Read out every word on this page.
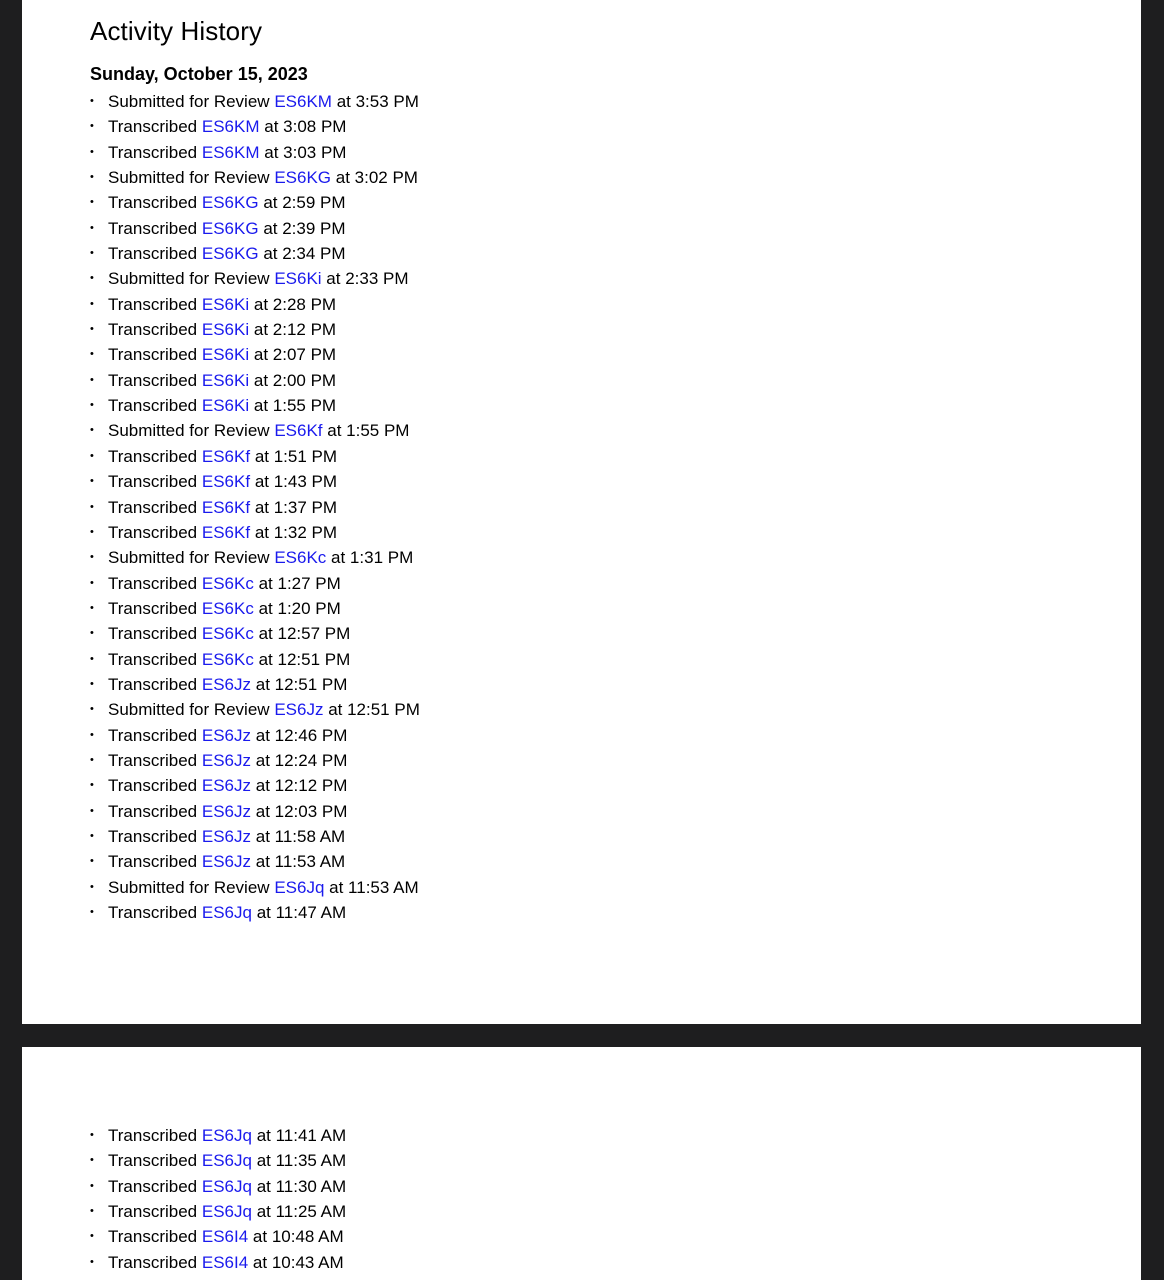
Activity History
Sunday, October 15, 2023
• Submitted for Review ES6KM at 3:53 PM
• Transcribed ES6KM at 3:08 PM
• Transcribed ES6KM at 3:03 PM
• Submitted for Review ES6KG at 3:02 PM
• Transcribed ES6KG at 2:59 PM
• Transcribed ES6KG at 2:39 PM
• Transcribed ES6KG at 2:34 PM
• Submitted for Review ES6Ki at 2:33 PM
• Transcribed ES6Ki at 2:28 PM
• Transcribed ES6Ki at 2:12 PM
• Transcribed ES6Ki at 2:07 PM
• Transcribed ES6Ki at 2:00 PM
• Transcribed ES6Ki at 1:55 PM
• Submitted for Review ES6Kf at 1:55 PM
• Transcribed ES6Kf at 1:51 PM
• Transcribed ES6Kf at 1:43 PM
• Transcribed ES6Kf at 1:37 PM
• Transcribed ES6Kf at 1:32 PM
• Submitted for Review ES6Kc at 1:31 PM
• Transcribed ES6Kc at 1:27 PM
• Transcribed ES6Kc at 1:20 PM
• Transcribed ES6Kc at 12:57 PM
• Transcribed ES6Kc at 12:51 PM
• Transcribed ES6Jz at 12:51 PM
• Submitted for Review ES6Jz at 12:51 PM
• Transcribed ES6Jz at 12:46 PM
• Transcribed ES6Jz at 12:24 PM
• Transcribed ES6Jz at 12:12 PM
• Transcribed ES6Jz at 12:03 PM
• Transcribed ES6Jz at 11:58 AM
• Transcribed ES6Jz at 11:53 AM
• Submitted for Review ES6Jq at 11:53 AM
• Transcribed ES6Jq at 11:47 AM
• Transcribed ES6Jq at 11:41 AM
• Transcribed ES6Jq at 11:35 AM
• Transcribed ES6Jq at 11:30 AM
• Transcribed ES6Jq at 11:25 AM
• Transcribed ES6I4 at 10:48 AM
• Transcribed ES6I4 at 10:43 AM
